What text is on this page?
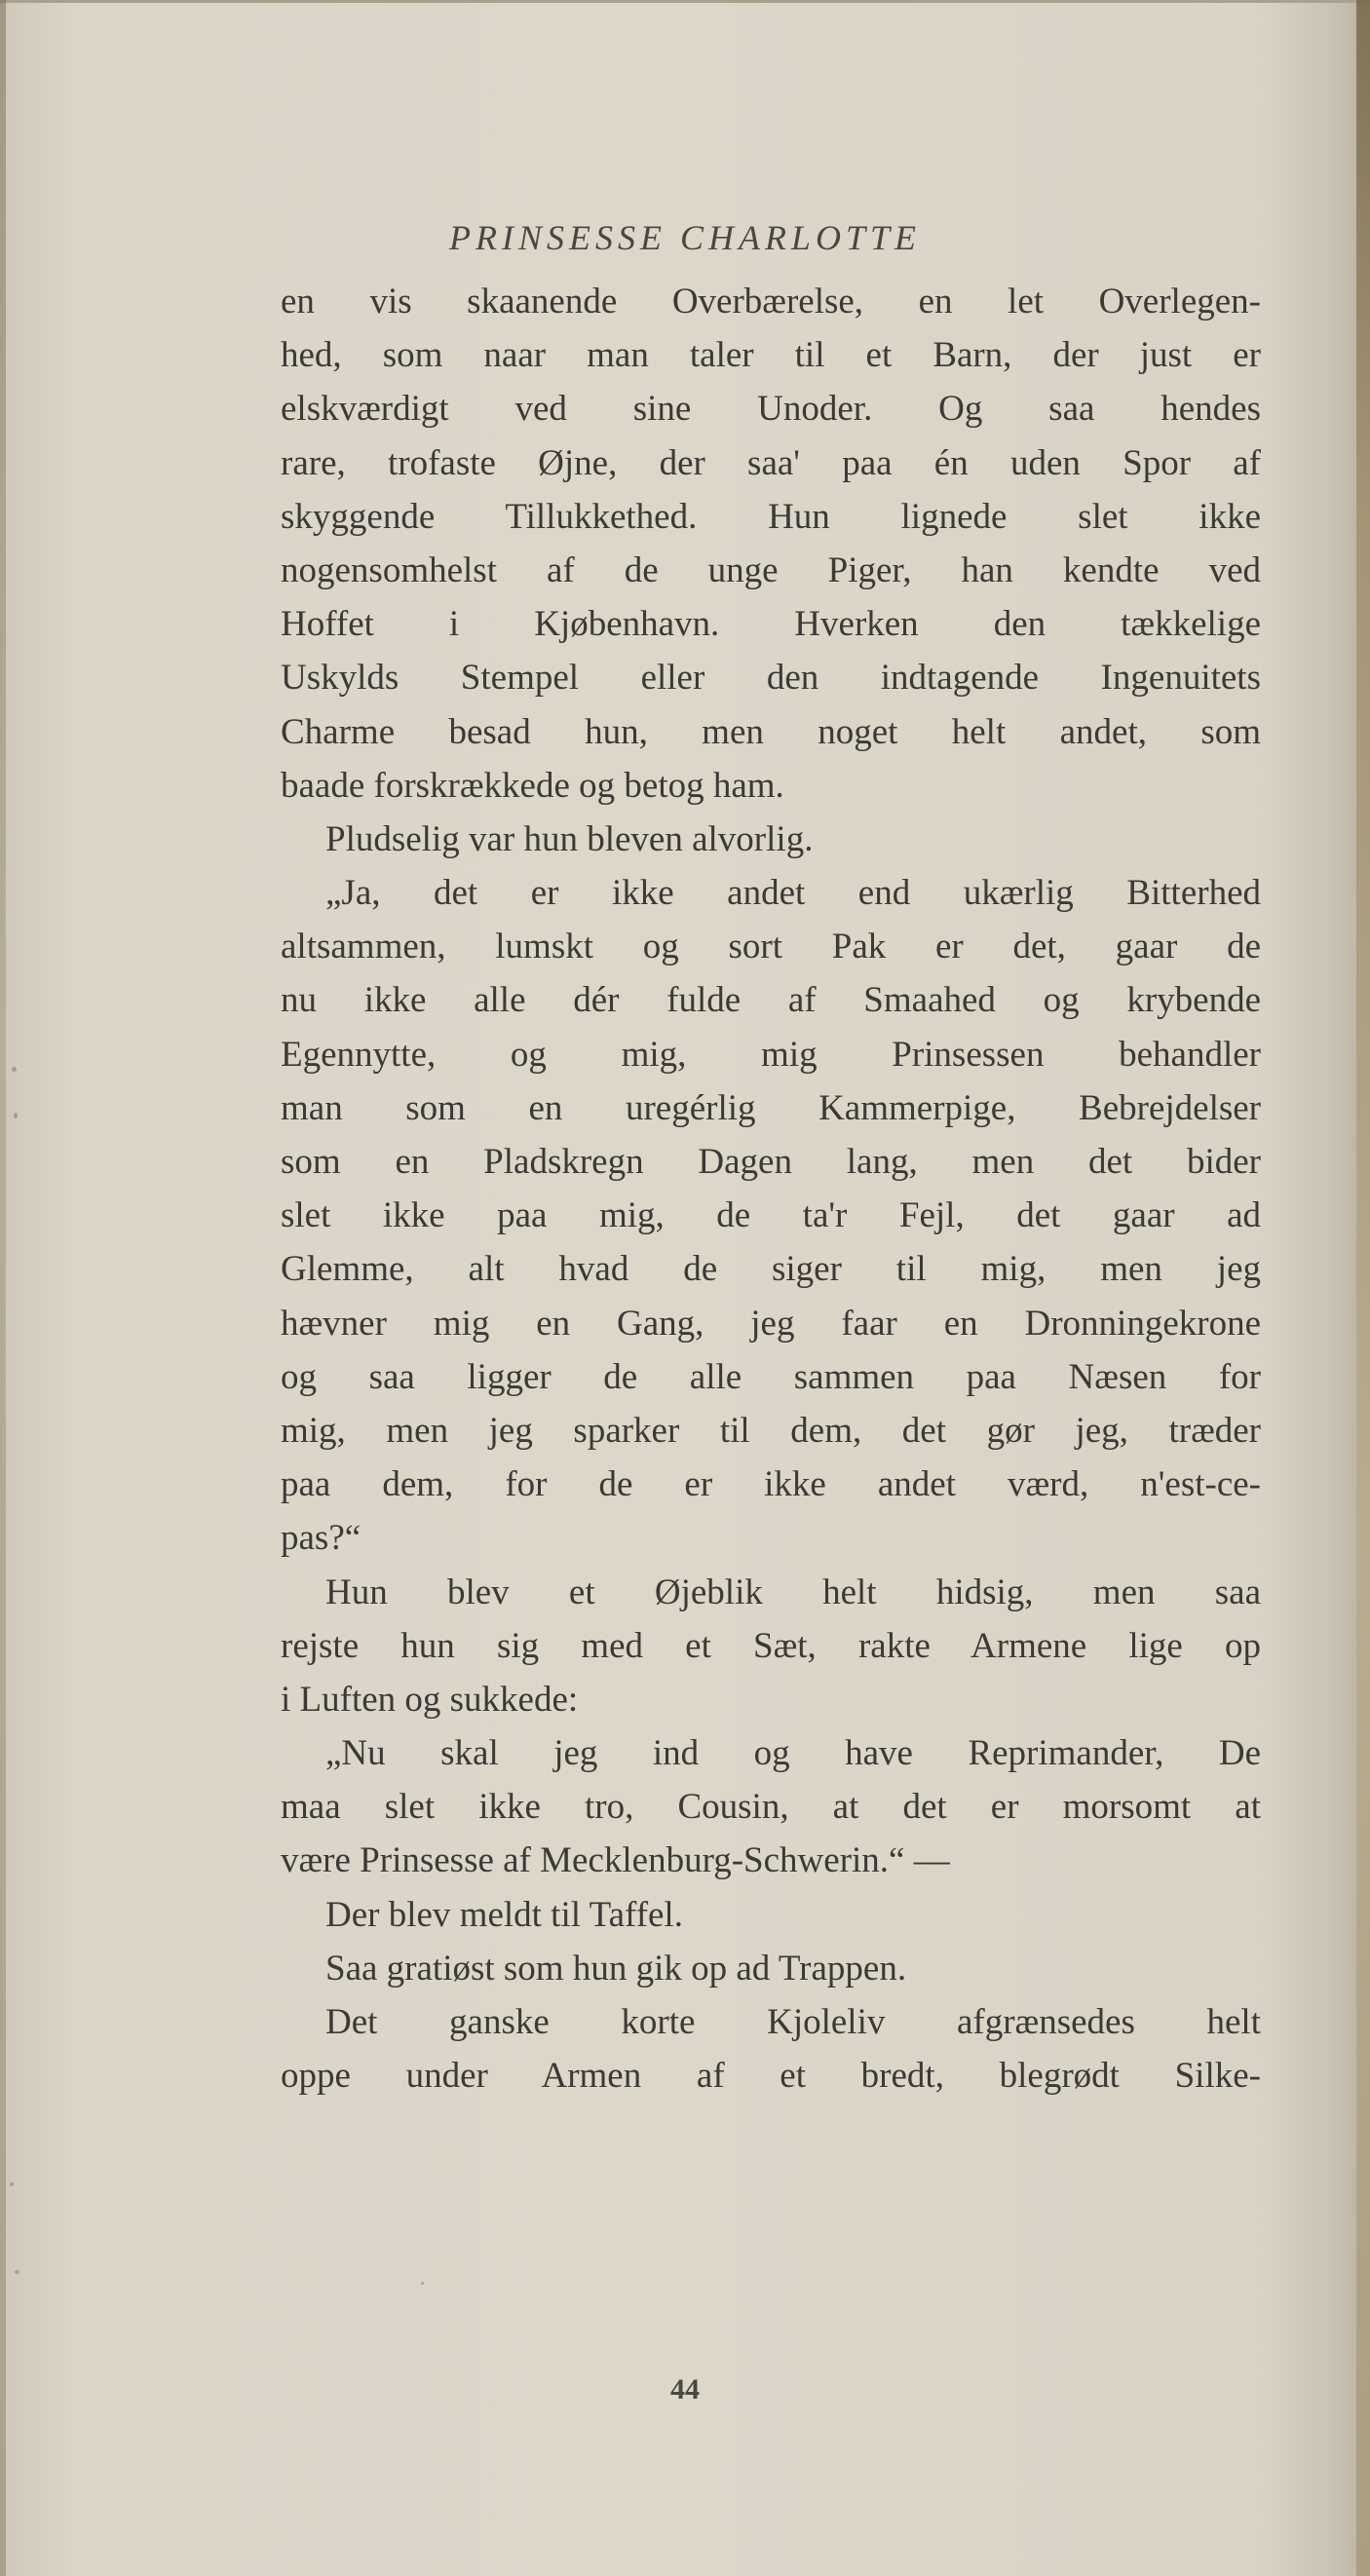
PRINSESSE CHARLOTTE
en vis skaanende Overbærelse, en let Overlegen-
hed, som naar man taler til et Barn, der just er
elskværdigt ved sine Unoder. Og saa hendes
rare, trofaste Øjne, der saa' paa én uden Spor af
skyggende Tillukkethed. Hun lignede slet ikke
nogensomhelst af de unge Piger, han kendte ved
Hoffet i Kjøbenhavn. Hverken den tækkelige
Uskylds Stempel eller den indtagende Ingenuitets
Charme besad hun, men noget helt andet, som
baade forskrækkede og betog ham.
Pludselig var hun bleven alvorlig.
„Ja, det er ikke andet end ukærlig Bitterhed
altsammen, lumskt og sort Pak er det, gaar de
nu ikke alle dér fulde af Smaahed og krybende
Egennytte, og mig, mig Prinsessen behandler
man som en uregérlig Kammerpige, Bebrejdelser
som en Pladskregn Dagen lang, men det bider
slet ikke paa mig, de ta'r Fejl, det gaar ad
Glemme, alt hvad de siger til mig, men jeg
hævner mig en Gang, jeg faar en Dronningekrone
og saa ligger de alle sammen paa Næsen for
mig, men jeg sparker til dem, det gør jeg, træder
paa dem, for de er ikke andet værd, n'est-ce-
pas?“
Hun blev et Øjeblik helt hidsig, men saa
rejste hun sig med et Sæt, rakte Armene lige op
i Luften og sukkede:
„Nu skal jeg ind og have Reprimander, De
maa slet ikke tro, Cousin, at det er morsomt at
være Prinsesse af Mecklenburg-Schwerin.“ —
Der blev meldt til Taffel.
Saa gratiøst som hun gik op ad Trappen.
Det ganske korte Kjoleliv afgrænsedes helt
oppe under Armen af et bredt, blegrødt Silke-
44
